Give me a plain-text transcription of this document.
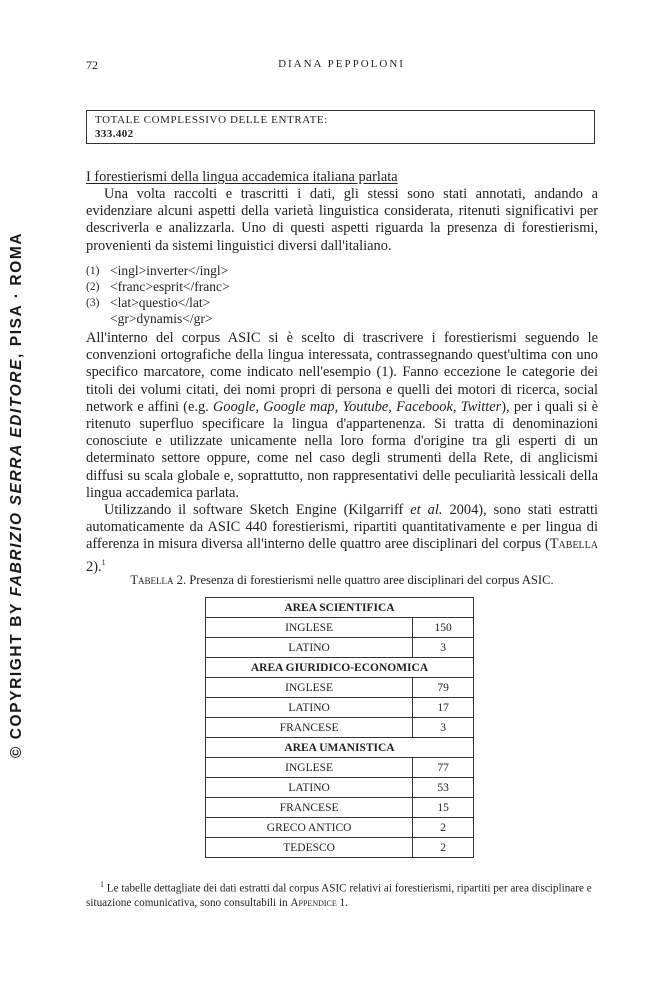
© COPYRIGHT BY FABRIZIO SERRA EDITORE, PISA · ROMA
72	DIANA PEPPOLONI
TOTALE COMPLESSIVO DELLE ENTRATE:
333.402
I forestierismi della lingua accademica italiana parlata
Una volta raccolti e trascritti i dati, gli stessi sono stati annotati, andando a evidenziare alcuni aspetti della varietà linguistica considerata, ritenuti significativi per descriverla e analizzarla. Uno di questi aspetti riguarda la presenza di forestierismi, provenienti da sistemi linguistici diversi dall'italiano.
(1) <ingl>inverter</ingl>
(2) <franc>esprit</franc>
(3) <lat>questio</lat>
<gr>dynamis</gr>
All'interno del corpus ASIC si è scelto di trascrivere i forestierismi seguendo le convenzioni ortografiche della lingua interessata, contrassegnando quest'ultima con uno specifico marcatore, come indicato nell'esempio (1). Fanno eccezione le categorie dei titoli dei volumi citati, dei nomi propri di persona e quelli dei motori di ricerca, social network e affini (e.g. Google, Google map, Youtube, Facebook, Twitter), per i quali si è ritenuto superfluo specificare la lingua d'appartenenza. Si tratta di denominazioni conosciute e utilizzate unicamente nella loro forma d'origine tra gli esperti di un determinato settore oppure, come nel caso degli strumenti della Rete, di anglicismi diffusi su scala globale e, soprattutto, non rappresentativi delle peculiarità lessicali della lingua accademica parlata.
Utilizzando il software Sketch Engine (Kilgarriff et al. 2004), sono stati estratti automaticamente da ASIC 440 forestierismi, ripartiti quantitativamente e per lingua di afferenza in misura diversa all'interno delle quattro aree disciplinari del corpus (Tabella 2).$^1$
Tabella 2. Presenza di forestierismi nelle quattro aree disciplinari del corpus ASIC.
AREA SCIENTIFICA	
INGLESE	150
LATINO	3
AREA GIURIDICO-ECONOMICA	
INGLESE	79
LATINO	17
FRANCESE	3
AREA UMANISTICA	
INGLESE	77
LATINO	53
FRANCESE	15
GRECO ANTICO	2
TEDESCO	2
$^1$ Le tabelle dettagliate dei dati estratti dal corpus ASIC relativi ai forestierismi, ripartiti per area disciplinare e situazione comunicativa, sono consultabili in Appendice 1.
